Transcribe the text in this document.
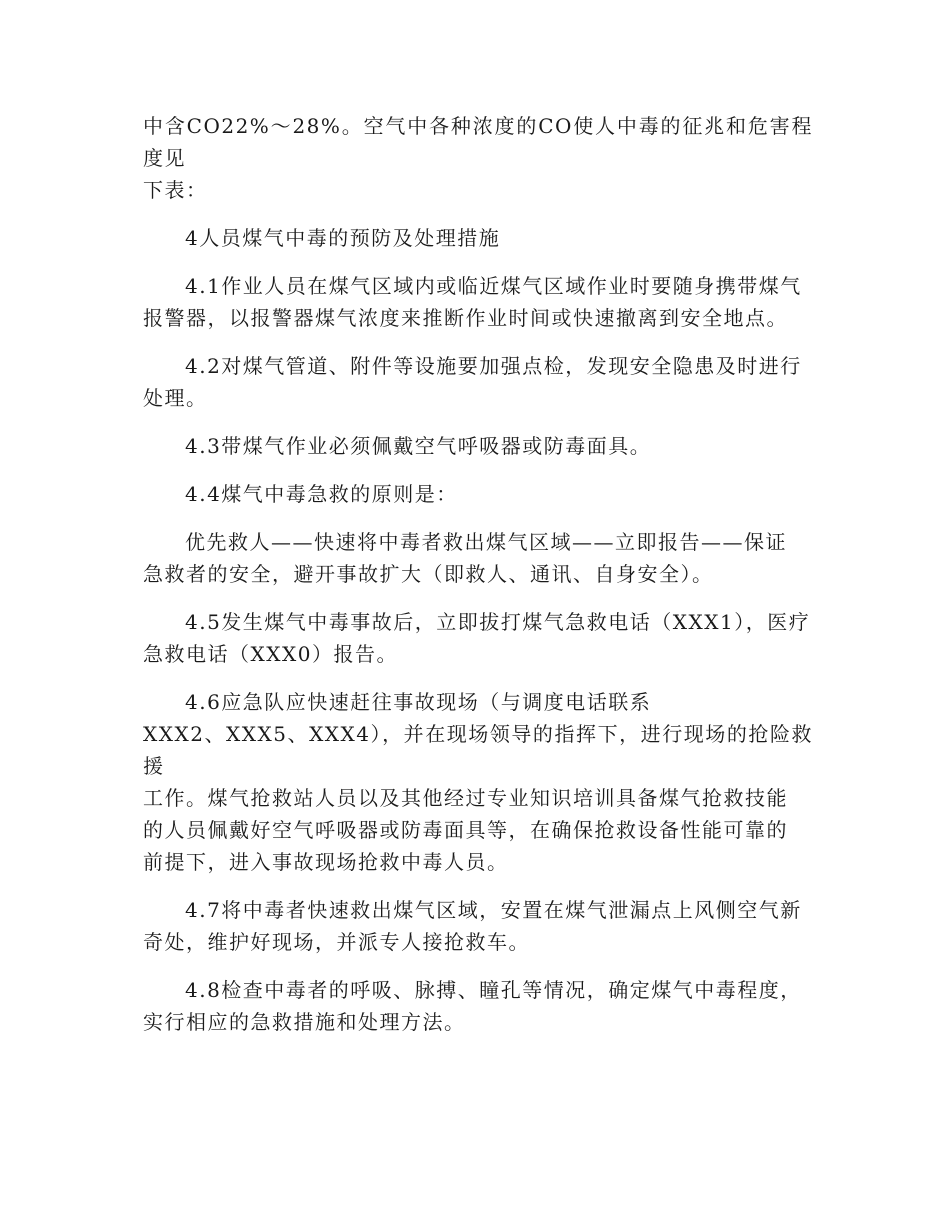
中含CO22%～28%。空气中各种浓度的CO使人中毒的征兆和危害程度见
下表：

4人员煤气中毒的预防及处理措施

4.1作业人员在煤气区域内或临近煤气区域作业时要随身携带煤气
报警器，以报警器煤气浓度来推断作业时间或快速撤离到安全地点。

4.2对煤气管道、附件等设施要加强点检，发现安全隐患及时进行
处理。

4.3带煤气作业必须佩戴空气呼吸器或防毒面具。

4.4煤气中毒急救的原则是：

优先救人——快速将中毒者救出煤气区域——立即报告——保证
急救者的安全，避开事故扩大（即救人、通讯、自身安全）。

4.5发生煤气中毒事故后，立即拔打煤气急救电话（XXX1），医疗
急救电话（XXX0）报告。

4.6应急队应快速赶往事故现场（与调度电话联系
XXX2、XXX5、XXX4），并在现场领导的指挥下，进行现场的抢险救援
工作。煤气抢救站人员以及其他经过专业知识培训具备煤气抢救技能
的人员佩戴好空气呼吸器或防毒面具等，在确保抢救设备性能可靠的
前提下，进入事故现场抢救中毒人员。

4.7将中毒者快速救出煤气区域，安置在煤气泄漏点上风侧空气新
奇处，维护好现场，并派专人接抢救车。

4.8检查中毒者的呼吸、脉搏、瞳孔等情况，确定煤气中毒程度，
实行相应的急救措施和处理方法。
